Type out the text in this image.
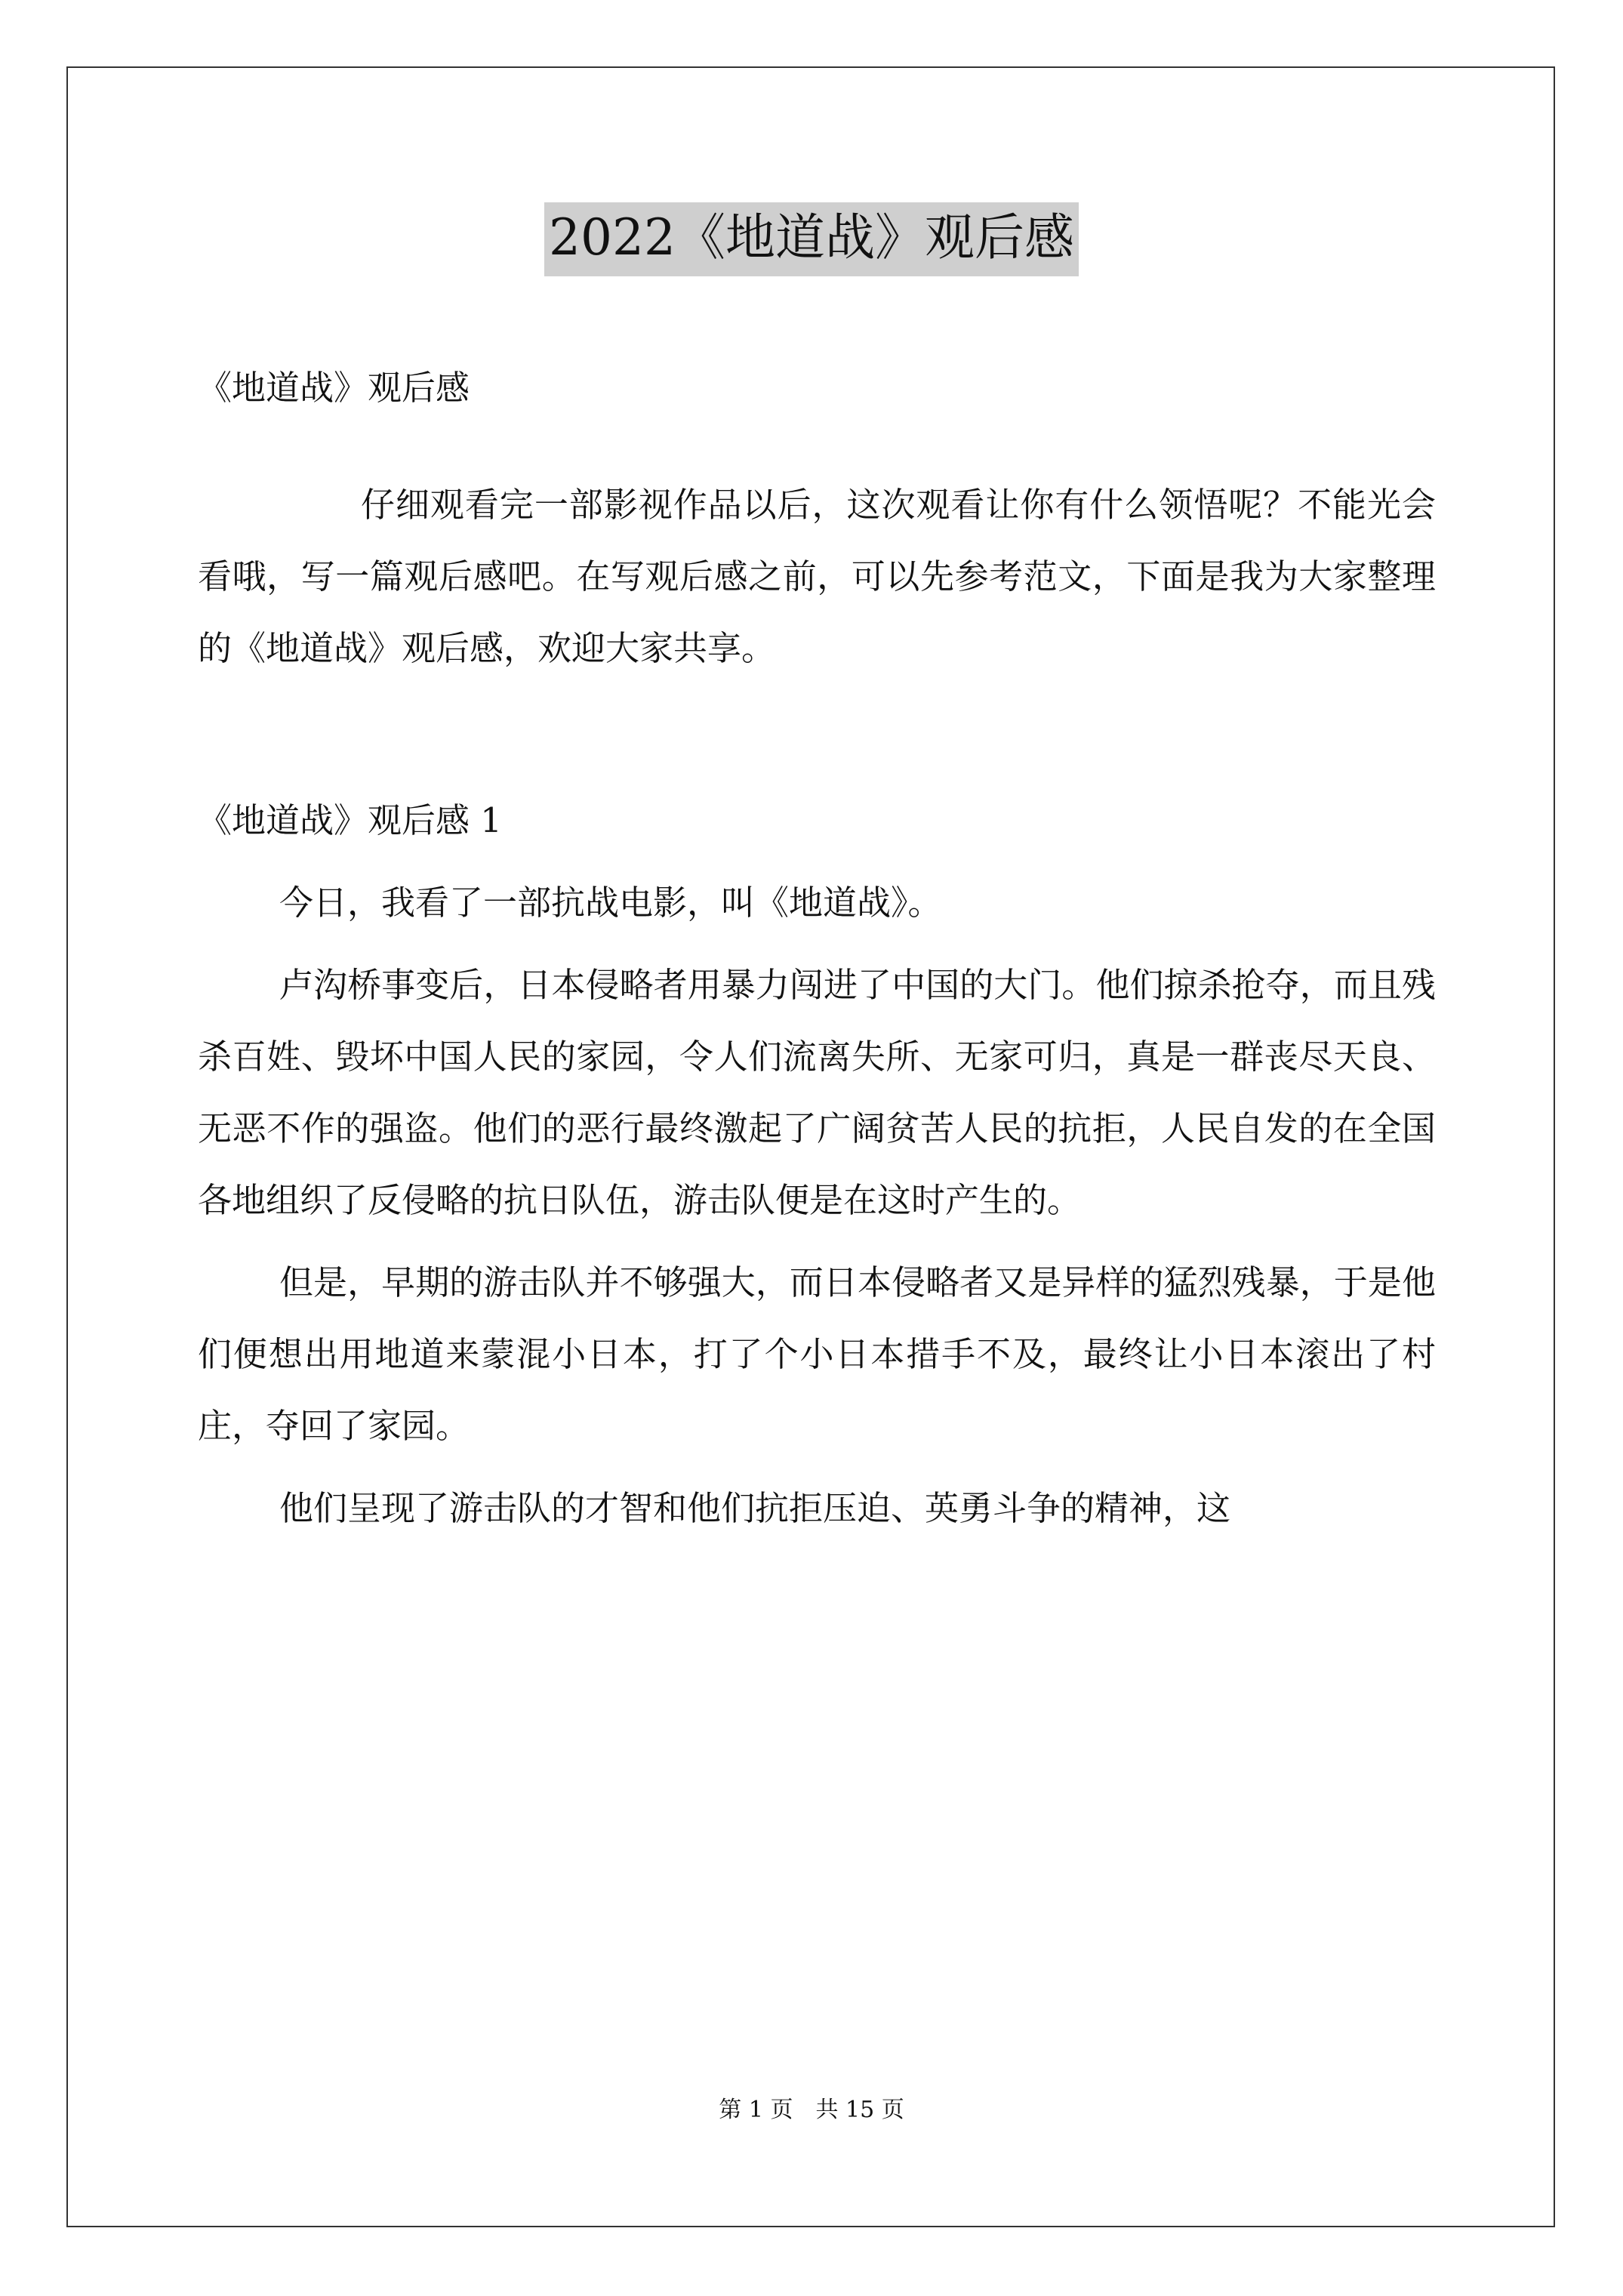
2022《地道战》观后感

《地道战》观后感

仔细观看完一部影视作品以后，这次观看让你有什么领悟呢？不能光会看哦，写一篇观后感吧。在写观后感之前，可以先参考范文，下面是我为大家整理的《地道战》观后感，欢迎大家共享。

《地道战》观后感 1

今日，我看了一部抗战电影，叫《地道战》。

卢沟桥事变后，日本侵略者用暴力闯进了中国的大门。他们掠杀抢夺，而且残杀百姓、毁坏中国人民的家园，令人们流离失所、无家可归，真是一群丧尽天良、无恶不作的强盗。他们的恶行最终激起了广阔贫苦人民的抗拒，人民自发的在全国各地组织了反侵略的抗日队伍，游击队便是在这时产生的。

但是，早期的游击队并不够强大，而日本侵略者又是异样的猛烈残暴，于是他们便想出用地道来蒙混小日本，打了个小日本措手不及，最终让小日本滚出了村庄，夺回了家园。

他们呈现了游击队的才智和他们抗拒压迫、英勇斗争的精神，这

第 1 页　共 15 页
